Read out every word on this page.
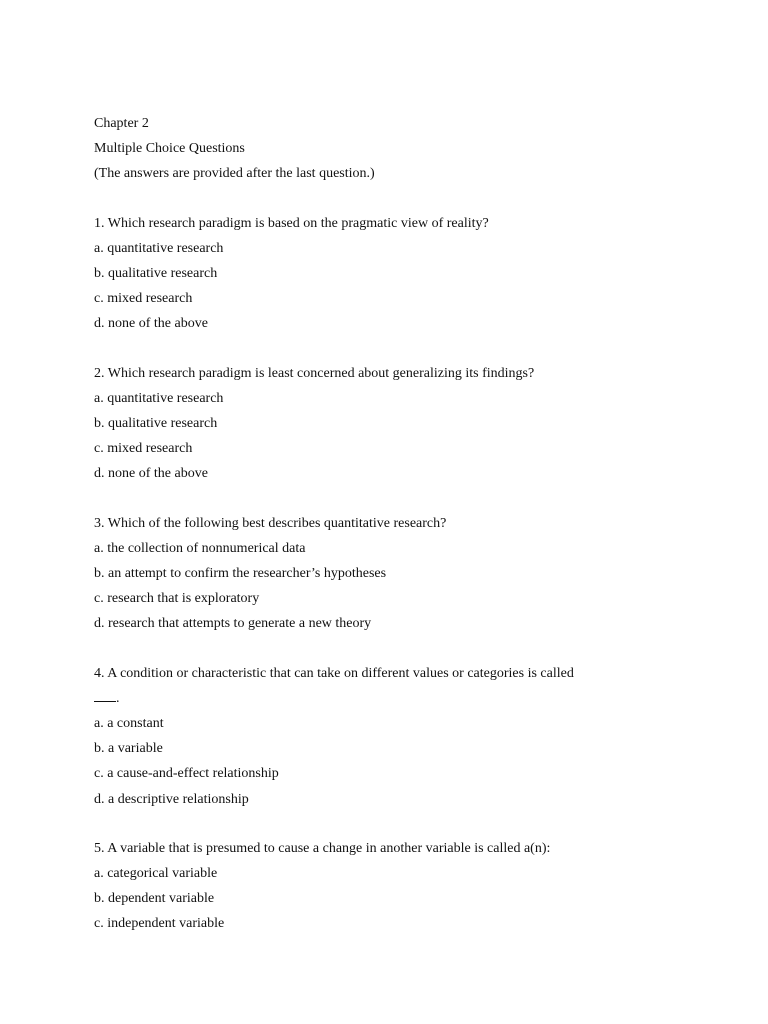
Chapter 2
Multiple Choice Questions
(The answers are provided after the last question.)
1. Which research paradigm is based on the pragmatic view of reality?
a. quantitative research
b. qualitative research
c. mixed research
d. none of the above
2. Which research paradigm is least concerned about generalizing its findings?
a. quantitative research
b. qualitative research
c. mixed research
d. none of the above
3. Which of the following best describes quantitative research?
a. the collection of nonnumerical data
b. an attempt to confirm the researcher’s hypotheses
c. research that is exploratory
d. research that attempts to generate a new theory
4. A condition or characteristic that can take on different values or categories is called
.
a. a constant
b. a variable
c. a cause-and-effect relationship
d. a descriptive relationship
5. A variable that is presumed to cause a change in another variable is called a(n):
a. categorical variable
b. dependent variable
c. independent variable
